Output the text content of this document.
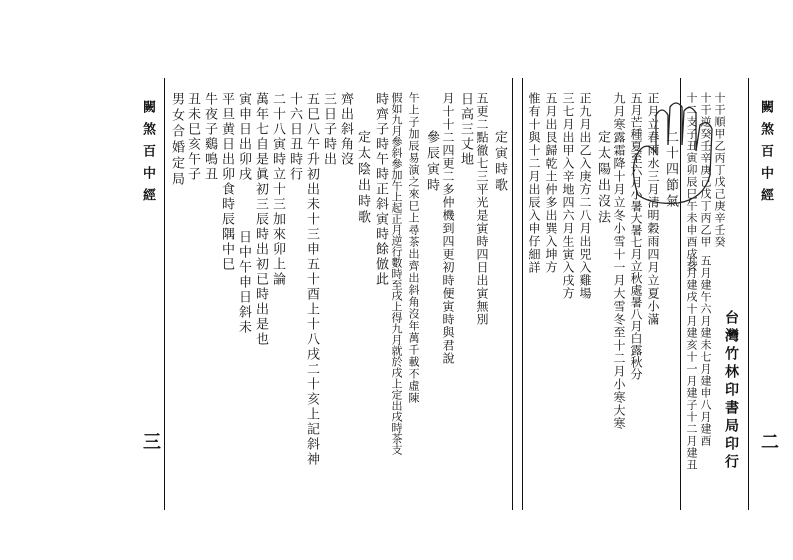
闕煞百中經
三
男女合婚定局 丑未巳亥午子 牛夜子鷄鳴丑 平旦黄日出卯食時辰隅中巳
日中午申日斜未
寅申日出卯戌 萬年七自是眞初三辰時出初已時出是也 二十八寅時立十三加來卯上論 十六日丑時行 五巳八午升初出未十三申五十酉上十八戌二十亥上記斜神 三日子時出 齊出斜角沒
定太陰出時歌 時齊子時午時正斜寅時餘倣此 假如九月參斜參加午上起正月逆行數時至戌上得九月就於戌上定出戌時茶支 午上子加辰易演之來巳上尋茶出齊出斜角沒年萬千載不虛陳 參辰寅時 月十十二四更二多仲機到四更初時便寅時與君說 日高三丈地 五更二點徹七三平光是寅時四日出寅無別 定寅時歌
台灣竹林印書局印行
惟有十與十二月出辰入申仔細詳 五月出艮歸乾土仲多出巽入坤方 三七月出甲入辛地四六月生寅入戌方 正九月出乙入庚方二八月出兕入雞場 定太陽出沒法 九月寒露霜降十月立冬小雪十一月大雪冬至十二月小寒大寒 五月芒種夏至六月小暑大暑七月立秋處暑八月白露秋分 正月立春雨水三月清明穀雨四月立夏小滿 二十四節氣
九月建戌十月建亥十一月建子十二月建丑 五月建午六月建未七月建申八月建酉
十二支子丑寅卯辰巳午未申酉戌亥 十干逆癸壬辛庚己戊丁丙乙甲 十干順甲乙丙丁戊己庚辛壬癸 闕煞百中經
二
